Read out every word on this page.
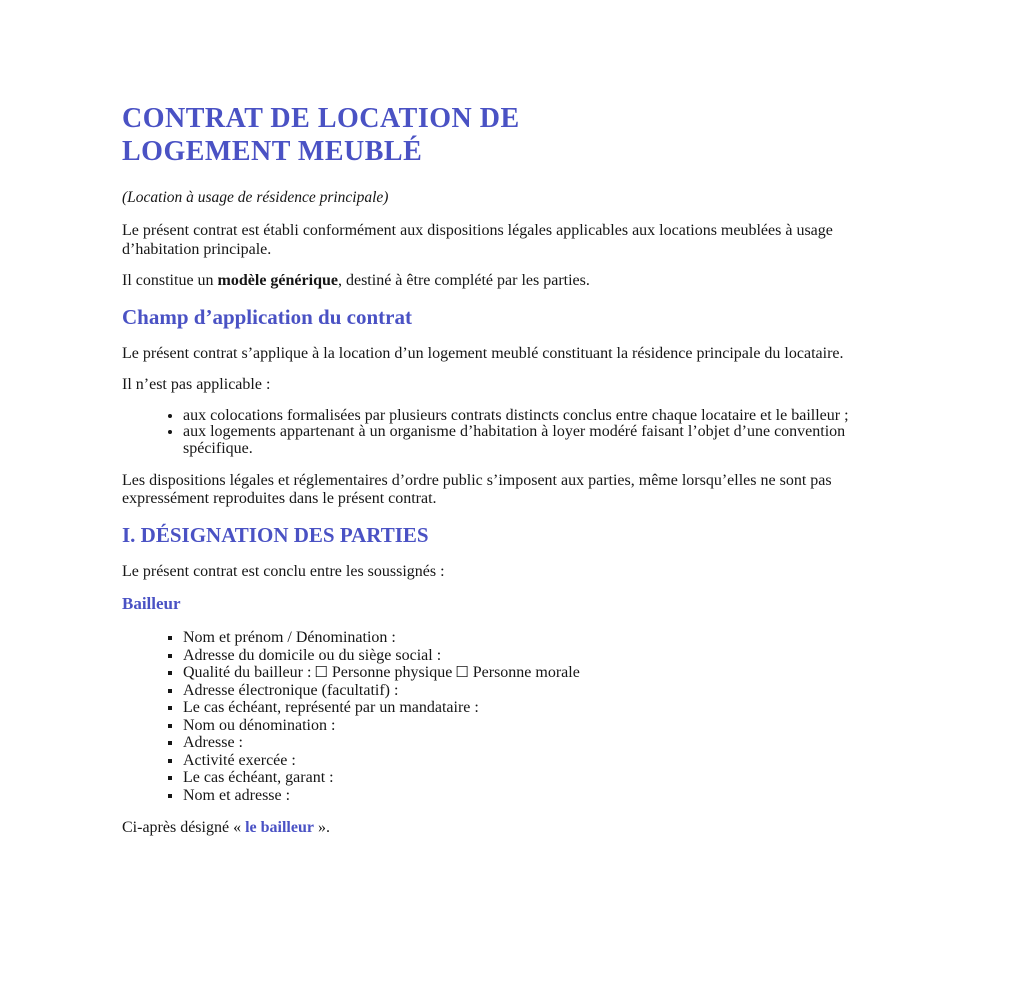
CONTRAT DE LOCATION DE
LOGEMENT MEUBLÉ

(Location à usage de résidence principale)

Le présent contrat est établi conformément aux dispositions légales applicables aux locations meublées à usage d’habitation principale.

Il constitue un modèle générique, destiné à être complété par les parties.

Champ d’application du contrat

Le présent contrat s’applique à la location d’un logement meublé constituant la résidence principale du locataire.

Il n’est pas applicable :

• aux colocations formalisées par plusieurs contrats distincts conclus entre chaque locataire et le bailleur ;
• aux logements appartenant à un organisme d’habitation à loyer modéré faisant l’objet d’une convention spécifique.

Les dispositions légales et réglementaires d’ordre public s’imposent aux parties, même lorsqu’elles ne sont pas expressément reproduites dans le présent contrat.

I. DÉSIGNATION DES PARTIES

Le présent contrat est conclu entre les soussignés :

Bailleur
▪ Nom et prénom / Dénomination :
▪ Adresse du domicile ou du siège social :
▪ Qualité du bailleur : ☐ Personne physique ☐ Personne morale
▪ Adresse électronique (facultatif) :
▪ Le cas échéant, représenté par un mandataire :
▪ Nom ou dénomination :
▪ Adresse :
▪ Activité exercée :
▪ Le cas échéant, garant :
▪ Nom et adresse :

Ci-après désigné « le bailleur ».
